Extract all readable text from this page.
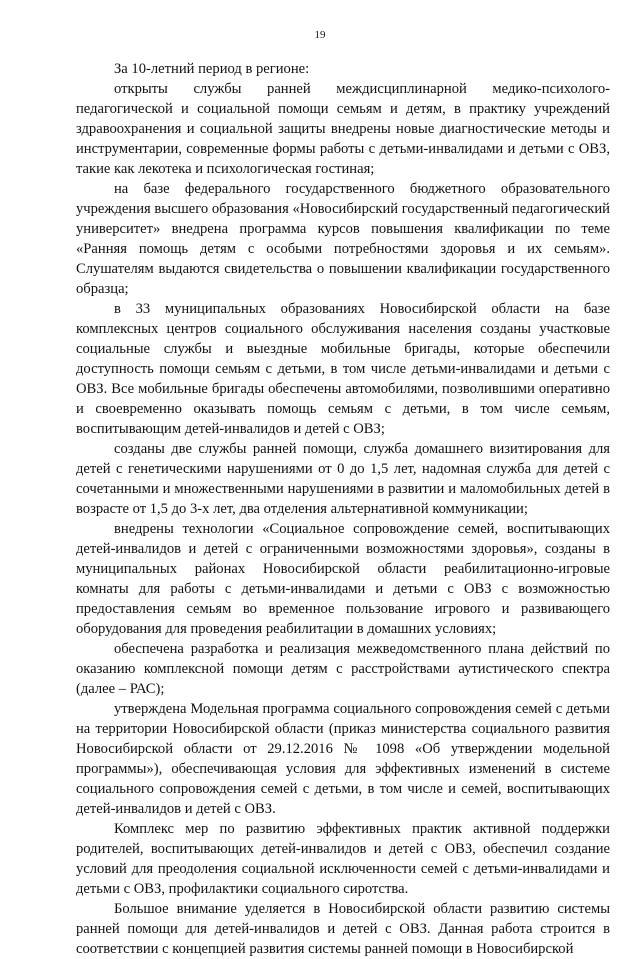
19

За 10-летний период в регионе:

открыты службы ранней междисциплинарной медико-психолого-педагогической и социальной помощи семьям и детям, в практику учреждений здравоохранения и социальной защиты внедрены новые диагностические методы и инструментарии, современные формы работы с детьми-инвалидами и детьми с ОВЗ, такие как лекотека и психологическая гостиная;

на базе федерального государственного бюджетного образовательного учреждения высшего образования «Новосибирский государственный педагогический университет» внедрена программа курсов повышения квалификации по теме «Ранняя помощь детям с особыми потребностями здоровья и их семьям». Слушателям выдаются свидетельства о повышении квалификации государственного образца;

в 33 муниципальных образованиях Новосибирской области на базе комплексных центров социального обслуживания населения созданы участковые социальные службы и выездные мобильные бригады, которые обеспечили доступность помощи семьям с детьми, в том числе детьми-инвалидами и детьми с ОВЗ. Все мобильные бригады обеспечены автомобилями, позволившими оперативно и своевременно оказывать помощь семьям с детьми, в том числе семьям, воспитывающим детей-инвалидов и детей с ОВЗ;

созданы две службы ранней помощи, служба домашнего визитирования для детей с генетическими нарушениями от 0 до 1,5 лет, надомная служба для детей с сочетанными и множественными нарушениями в развитии и маломобильных детей в возрасте от 1,5 до 3-х лет, два отделения альтернативной коммуникации;

внедрены технологии «Социальное сопровождение семей, воспитывающих детей-инвалидов и детей с ограниченными возможностями здоровья», созданы в муниципальных районах Новосибирской области реабилитационно-игровые комнаты для работы с детьми-инвалидами и детьми с ОВЗ с возможностью предоставления семьям во временное пользование игрового и развивающего оборудования для проведения реабилитации в домашних условиях;

обеспечена разработка и реализация межведомственного плана действий по оказанию комплексной помощи детям с расстройствами аутистического спектра (далее – РАС);

утверждена Модельная программа социального сопровождения семей с детьми на территории Новосибирской области (приказ министерства социального развития Новосибирской области от 29.12.2016 № 1098 «Об утверждении модельной программы»), обеспечивающая условия для эффективных изменений в системе социального сопровождения семей с детьми, в том числе и семей, воспитывающих детей-инвалидов и детей с ОВЗ.

Комплекс мер по развитию эффективных практик активной поддержки родителей, воспитывающих детей-инвалидов и детей с ОВЗ, обеспечил создание условий для преодоления социальной исключенности семей с детьми-инвалидами и детьми с ОВЗ, профилактики социального сиротства.

Большое внимание уделяется в Новосибирской области развитию системы ранней помощи для детей-инвалидов и детей с ОВЗ. Данная работа строится в соответствии с концепцией развития системы ранней помощи в Новосибирской
